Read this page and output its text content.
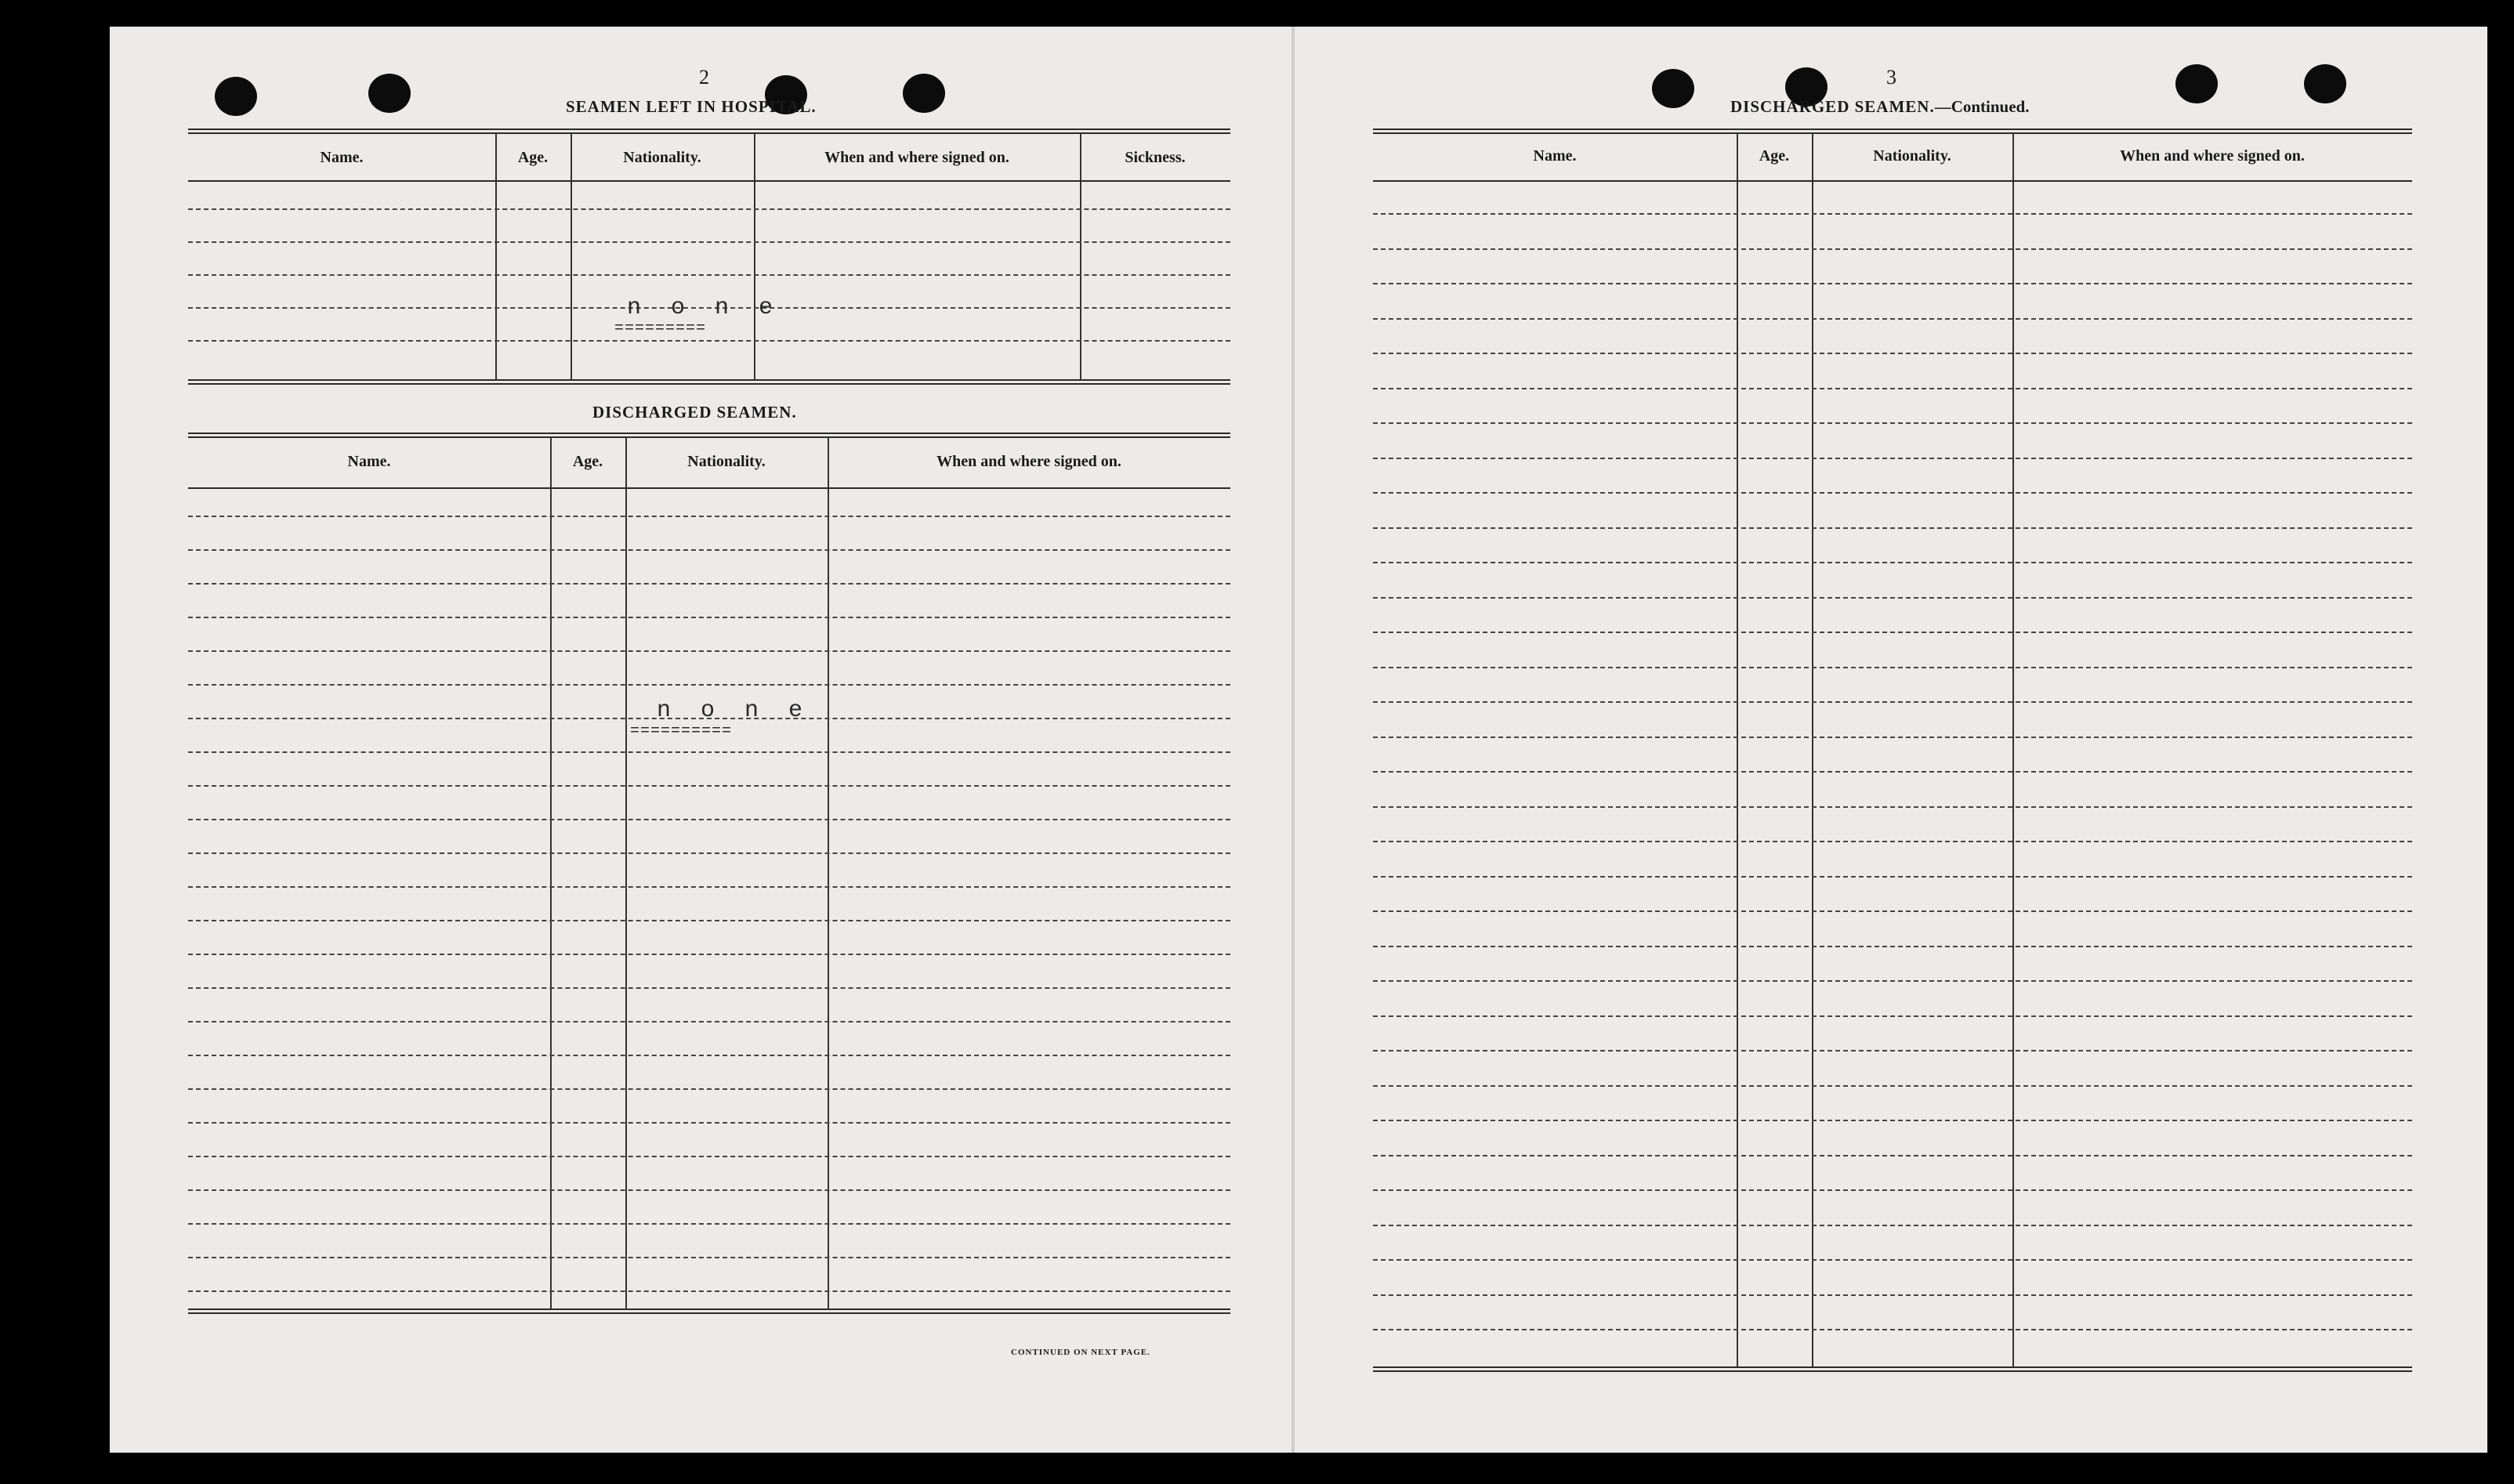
2
SEAMEN LEFT IN HOSPITAL.
Name.	Age.	Nationality.	When and where signed on.	Sickness.
n o n e
=========
DISCHARGED SEAMEN.
Name.	Age.	Nationality.	When and where signed on.
n o n e
==========
CONTINUED ON NEXT PAGE.
3
DISCHARGED SEAMEN.—Continued.
Name.	Age.	Nationality.	When and where signed on.
